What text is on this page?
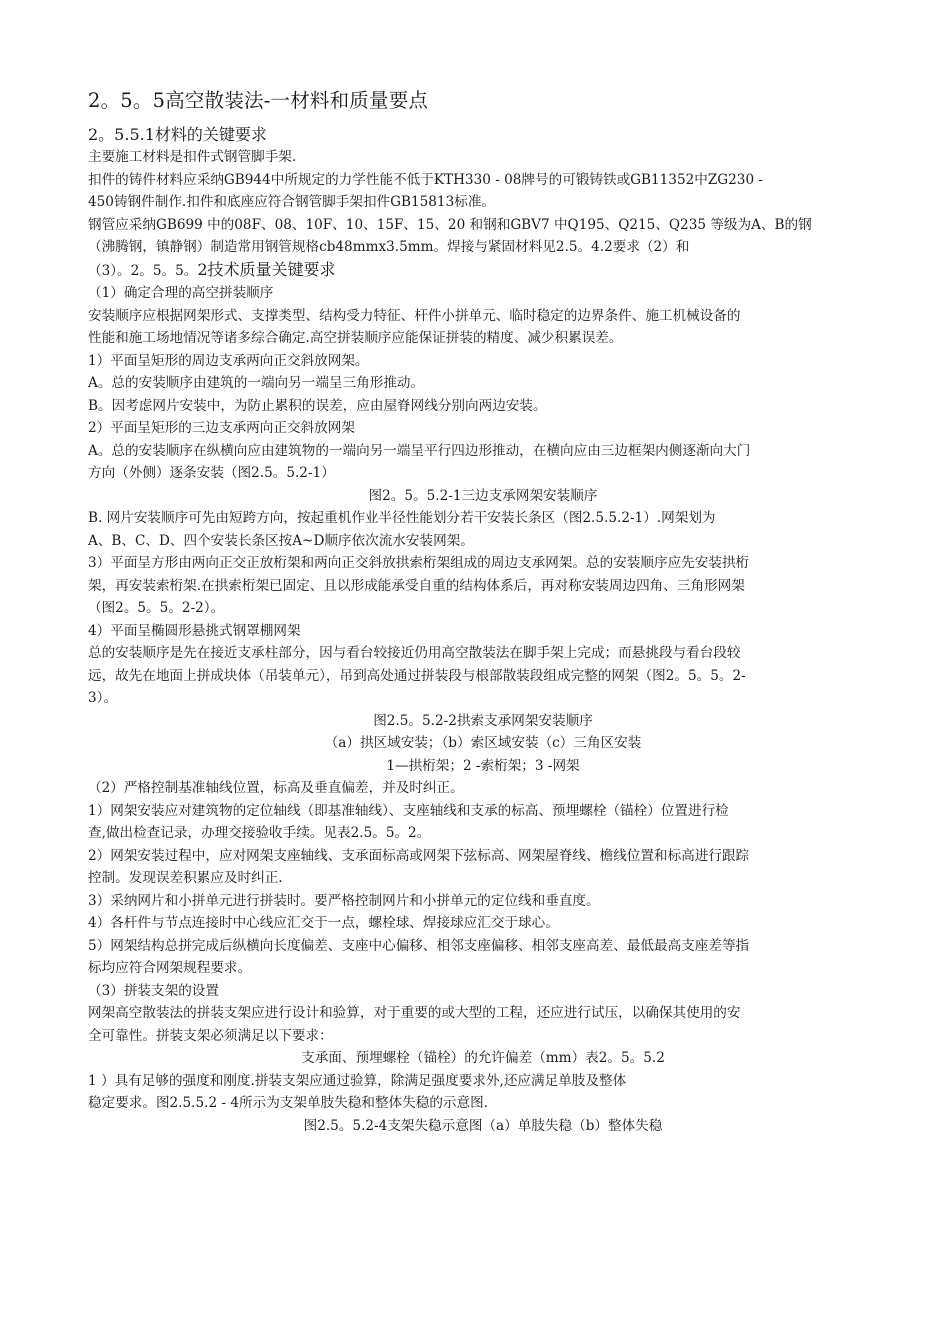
2。5。5高空散装法-一材料和质量要点

2。5.5.1材料的关键要求

主要施工材料是扣件式钢管脚手架.

扣件的铸件材料应采纳GB944中所规定的力学性能不低于KTH330 - 08牌号的可锻铸铁或GB11352中ZG230 -

450铸钢件制作.扣件和底座应符合钢管脚手架扣件GB15813标准。

钢管应采纳GB699 中的08F、08、10F、10、15F、15、20 和钢和GBV7 中Q195、Q215、Q235 等级为A、B的钢

（沸腾钢，镇静钢）制造常用钢管规格cb48mmx3.5mm。焊接与紧固材料见2.5。4.2要求（2）和

（3）。2。5。5。2技术质量关键要求

（1）确定合理的高空拼装顺序

安装顺序应根据网架形式、支撑类型、结构受力特征、杆件小拼单元、临时稳定的边界条件、施工机械设备的

性能和施工场地情况等诸多综合确定.高空拼装顺序应能保证拼装的精度、减少积累误差。

1）平面呈矩形的周边支承两向正交斜放网架。

A。总的安装顺序由建筑的一端向另一端呈三角形推动。

B。因考虑网片安装中，为防止累积的误差，应由屋脊网线分别向两边安装。

2）平面呈矩形的三边支承两向正交斜放网架

A。总的安装顺序在纵横向应由建筑物的一端向另一端呈平行四边形推动，在横向应由三边框架内侧逐渐向大门

方向（外侧）逐条安装（图2.5。5.2-1）

图2。5。5.2-1三边支承网架安装顺序

B. 网片安装顺序可先由短跨方向，按起重机作业半径性能划分若干安装长条区（图2.5.5.2-1）.网架划为

A、B、C、D、四个安装长条区按A~D顺序依次流水安装网架。

3）平面呈方形由两向正交正放桁架和两向正交斜放拱索桁架组成的周边支承网架。总的安装顺序应先安装拱桁

架，再安装索桁架.在拱索桁架已固定、且以形成能承受自重的结构体系后，再对称安装周边四角、三角形网架

（图2。5。5。2-2）。

4）平面呈椭圆形悬挑式钢罩棚网架

总的安装顺序是先在接近支承柱部分，因与看台较接近仍用高空散装法在脚手架上完成；而悬挑段与看台段较

远，故先在地面上拼成块体（吊装单元），吊到高处通过拼装段与根部散装段组成完整的网架（图2。5。5。2-

3）。

图2.5。5.2-2拱索支承网架安装顺序

（a）拱区域安装；（b）索区域安装（c）三角区安装

1—拱桁架；2 -索桁架；3 -网架

（2）严格控制基准轴线位置，标高及垂直偏差，并及时纠正。

1）网架安装应对建筑物的定位轴线（即基准轴线）、支座轴线和支承的标高、预埋螺栓（锚栓）位置进行检

查,做出检查记录，办理交接验收手续。见表2.5。5。2。

2）网架安装过程中，应对网架支座轴线、支承面标高或网架下弦标高、网架屋脊线、檐线位置和标高进行跟踪

控制。发现误差积累应及时纠正.

3）采纳网片和小拼单元进行拼装时。要严格控制网片和小拼单元的定位线和垂直度。

4）各杆件与节点连接时中心线应汇交于一点，螺栓球、焊接球应汇交于球心。

5）网架结构总拼完成后纵横向长度偏差、支座中心偏移、相邻支座偏移、相邻支座高差、最低最高支座差等指

标均应符合网架规程要求。

（3）拼装支架的设置

网架高空散装法的拼装支架应进行设计和验算，对于重要的或大型的工程，还应进行试压，以确保其使用的安

全可靠性。拼装支架必须满足以下要求：

支承面、预埋螺栓（锚栓）的允许偏差（mm）表2。5。5.2

1 ）具有足够的强度和刚度.拼装支架应通过验算，除满足强度要求外,还应满足单肢及整体

稳定要求。图2.5.5.2 - 4所示为支架单肢失稳和整体失稳的示意图.

图2.5。5.2-4支架失稳示意图（a）单肢失稳（b）整体失稳
